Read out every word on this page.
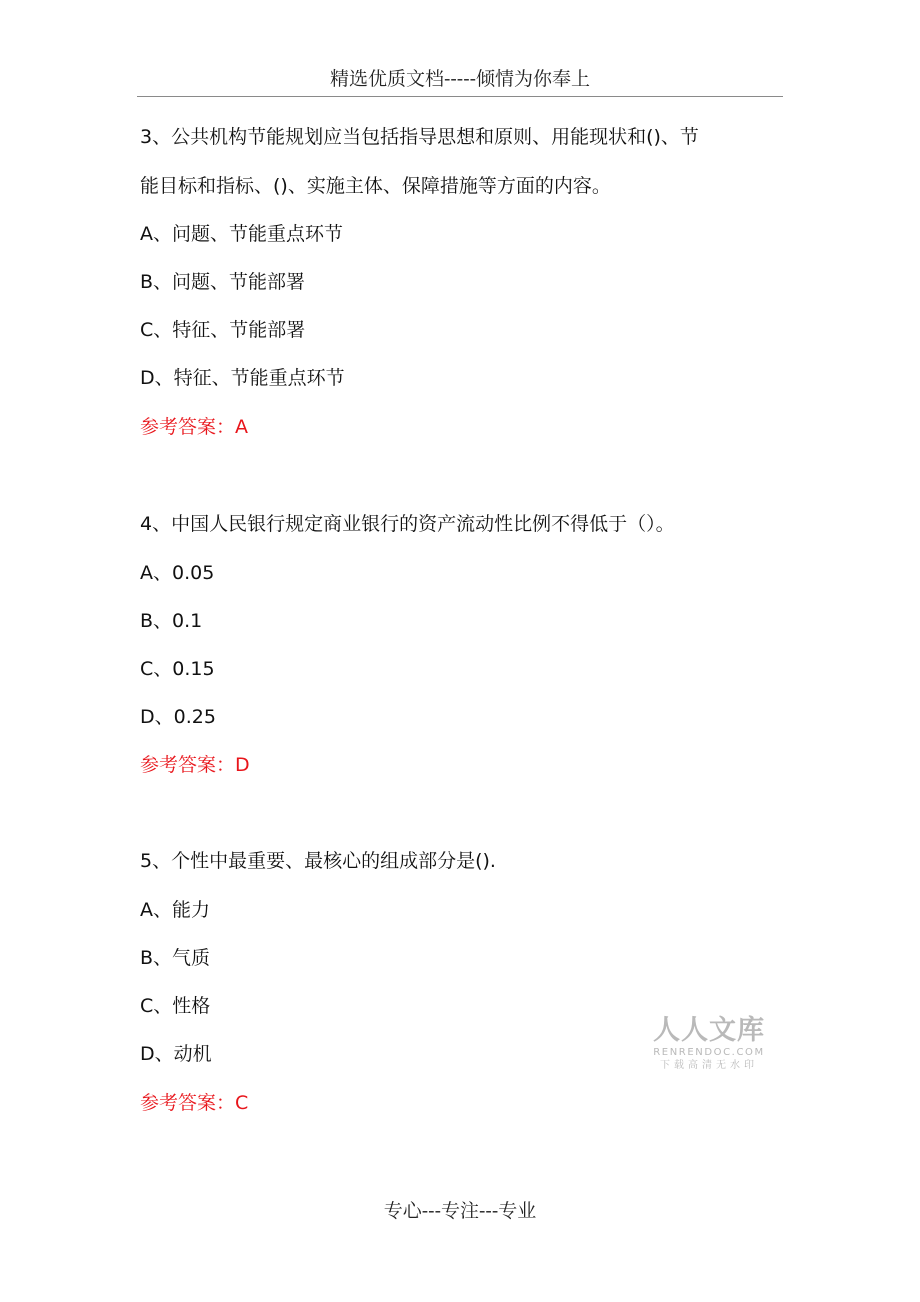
精选优质文档-----倾情为你奉上
3、公共机构节能规划应当包括指导思想和原则、用能现状和()、节
能目标和指标、()、实施主体、保障措施等方面的内容。
A、问题、节能重点环节
B、问题、节能部署
C、特征、节能部署
D、特征、节能重点环节
参考答案：A
4、中国人民银行规定商业银行的资产流动性比例不得低于（）。
A、0.05
B、0.1
C、0.15
D、0.25
参考答案：D
5、个性中最重要、最核心的组成部分是().
A、能力
B、气质
C、性格
D、动机
参考答案：C
人人文库
RENRENDOC.COM
下载高清无水印
专心---专注---专业
